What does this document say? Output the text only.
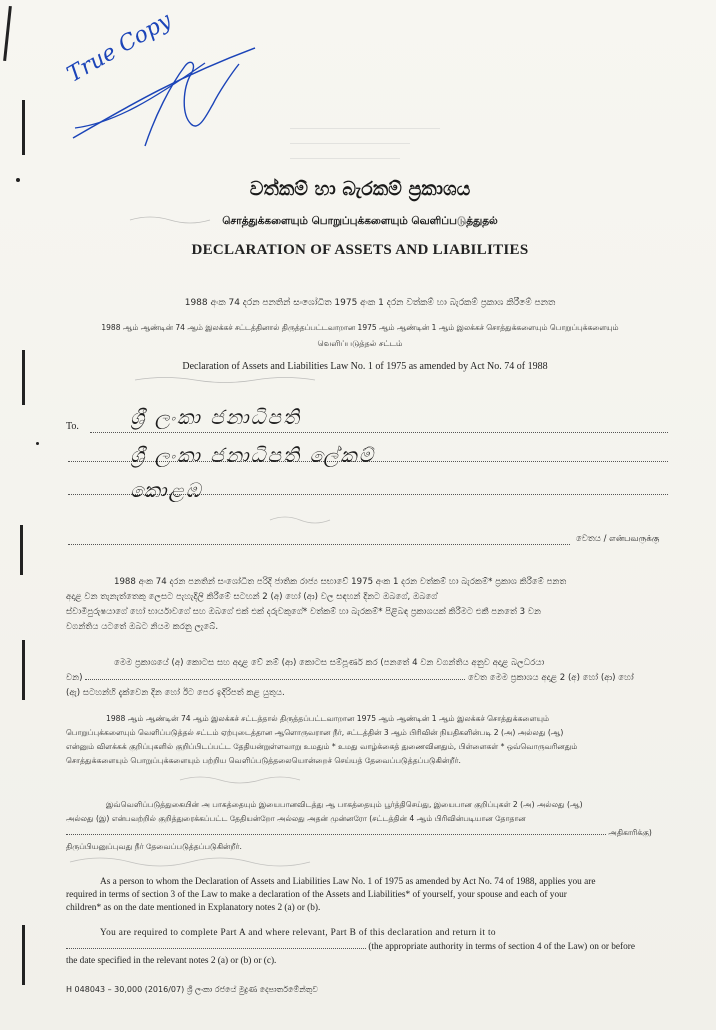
True Copy
වත්කම් හා බැරකම් ප්‍රකාශය
சொத்துக்களையும் பொறுப்புக்களையும் வெளிப்படுத்துதல்
DECLARATION OF ASSETS AND LIABILITIES
1988 අංක 74 දරන පනතින් සංශෝධිත 1975 අංක 1 දරන වත්කම් හා බැරකම් ප්‍රකාශ කිරීමේ පනත
1988 ஆம் ஆண்டின் 74 ஆம் இலக்கச் சட்டத்தினால் திருத்தப்பட்டவாறான 1975 ஆம் ஆண்டின் 1 ஆம் இலக்கச் சொத்துக்களையும் பொறுப்புக்களையும்
வெளிப்படுத்தல் சட்டம்
Declaration of Assets and Liabilities Law No. 1 of 1975 as amended by Act No. 74 of 1988
To.	ශ්‍රී ලංකා ජනාධිපති
ශ්‍රී ලංකා ජනාධිපති ලේකම්
කොළඹ
වෙතය / என்பவருக்கு
1988 අංක 74 දරන පනතින් සංශෝධිත පරිදි ජාතික රාජ්‍ය සභාවේ 1975 අංක 1 දරන වත්කම් හා බැරකම්* ප්‍රකාශ කිරීමේ පනත
අදාළ වන තැනැත්තෙකු ලෙසට පැහැදිලි කිරීමේ සටහන් 2 (අ) හෝ (ආ) වල සඳහන් දිනට ඔබගේ, ඔබගේ
ස්වාමිපුරුෂයාගේ හෝ භාර්යාවගේ සහ ඔබගේ එක් එක් දරුවකුගේ* වත්කම් හා බැරකම්* පිළිබඳ ප්‍රකාශයක් කිරීමට එකී පනතේ 3 වන
වගන්තිය යටතේ ඔබට නියම කරනු ලැබේ.
මෙම ප්‍රකාශයේ (අ) කොටස සහ අදාළ වේ නම් (ආ) කොටස සම්පූර්ණ කර (පනතේ 4 වන වගන්තිය අනුව අදාළ බලධරයා
වන)	වෙත මෙම ප්‍රකාශය අදාළ 2 (අ) හෝ (ආ) හෝ
(ඇ) සටහන්හි දැක්වෙන දින හෝ ඊට පෙර ඉදිරිපත් කළ යුතුය.
1988 ஆம் ஆண்டின் 74 ஆம் இலக்கச் சட்டத்தால் திருத்தப்பட்டவாறான 1975 ஆம் ஆண்டின் 1 ஆம் இலக்கச் சொத்துக்களையும்
பொறுப்புக்களையும் வெளிப்படுத்தல் சட்டம் ஏற்புடைத்தான ஆளொருவரான நீர், சட்டத்தின் 3 ஆம் பிரிவின் நியதிகளின்படி 2 (அ) அல்லது (ஆ)
என்னும் விளக்கக் குறிப்புகளில் குறிப்பிடப்பட்ட தேதியன்றுள்ளவாறு உமதும் * உமது வாழ்க்கைத் துணைவினதும், பிள்ளைகள் * ஒவ்வொருவரினதும்
சொத்துக்களையும் பொறுப்புக்களையும் பற்றிய வெளிப்படுத்தலையொன்றைச் செய்யத் தேவைப்படுத்தப்படுகின்றீர்.
இவ்வெளிப்படுத்துகையின் அ பாகத்தையும் இயைபானவிடத்து ஆ பாகத்தையும் பூர்த்திசெய்து, இயைபான குறிப்புகள் 2 (அ) அல்லது (ஆ)
அல்லது (இ) என்பவற்றில் குறித்துரைக்கப்பட்ட தேதியன்றோ அல்லது அதன் முன்னரோ (சட்டத்தின் 4 ஆம் பிரிவின்படியான தோதான
அதிகாரிக்கு)
திருப்பியனுப்புவது நீர் தேவைப்படுத்தப்படுகின்றீர்.
As a person to whom the Declaration of Assets and Liabilities Law No. 1 of 1975 as amended by Act No. 74 of 1988, applies you are
required in terms of section 3 of the Law to make a declaration of the Assets and Liabilities* of yourself, your spouse and each of your
children* as on the date mentioned in Explanatory notes 2 (a) or (b).
You are required to complete Part A and where relevant, Part B of this declaration and return it to
(the appropriate authority in terms of section 4 of the Law) on or before
the date specified in the relevant notes 2 (a) or (b) or (c).
H 048043 – 30,000 (2016/07) ශ්‍රී ලංකා රජයේ මුද්‍රණ දෙපාර්තමේන්තුව
